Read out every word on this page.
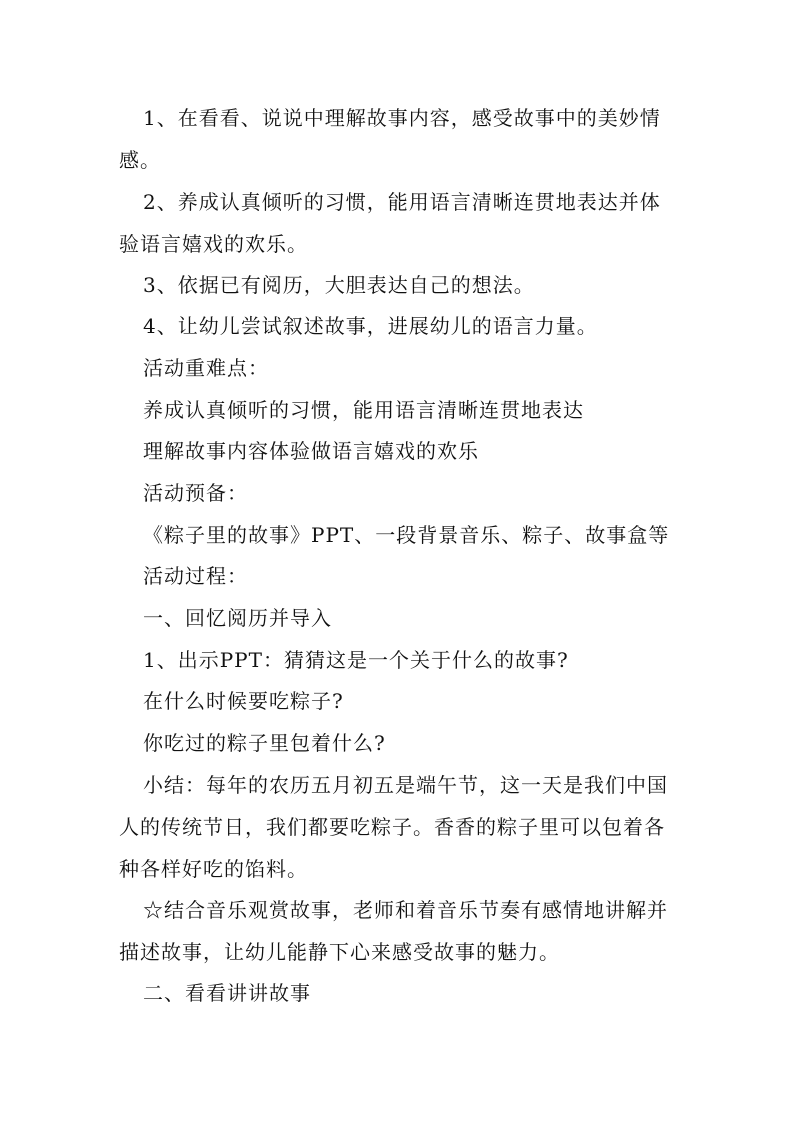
1、在看看、说说中理解故事内容，感受故事中的美妙情感。

2、养成认真倾听的习惯，能用语言清晰连贯地表达并体验语言嬉戏的欢乐。

3、依据已有阅历，大胆表达自己的想法。

4、让幼儿尝试叙述故事，进展幼儿的语言力量。

活动重难点：

养成认真倾听的习惯，能用语言清晰连贯地表达

理解故事内容体验做语言嬉戏的欢乐

活动预备：

《粽子里的故事》PPT、一段背景音乐、粽子、故事盒等

活动过程：

一、回忆阅历并导入

1、出示PPT：猜猜这是一个关于什么的故事?

在什么时候要吃粽子?

你吃过的粽子里包着什么?

小结：每年的农历五月初五是端午节，这一天是我们中国人的传统节日，我们都要吃粽子。香香的粽子里可以包着各种各样好吃的馅料。

☆结合音乐观赏故事，老师和着音乐节奏有感情地讲解并描述故事，让幼儿能静下心来感受故事的魅力。

二、看看讲讲故事
